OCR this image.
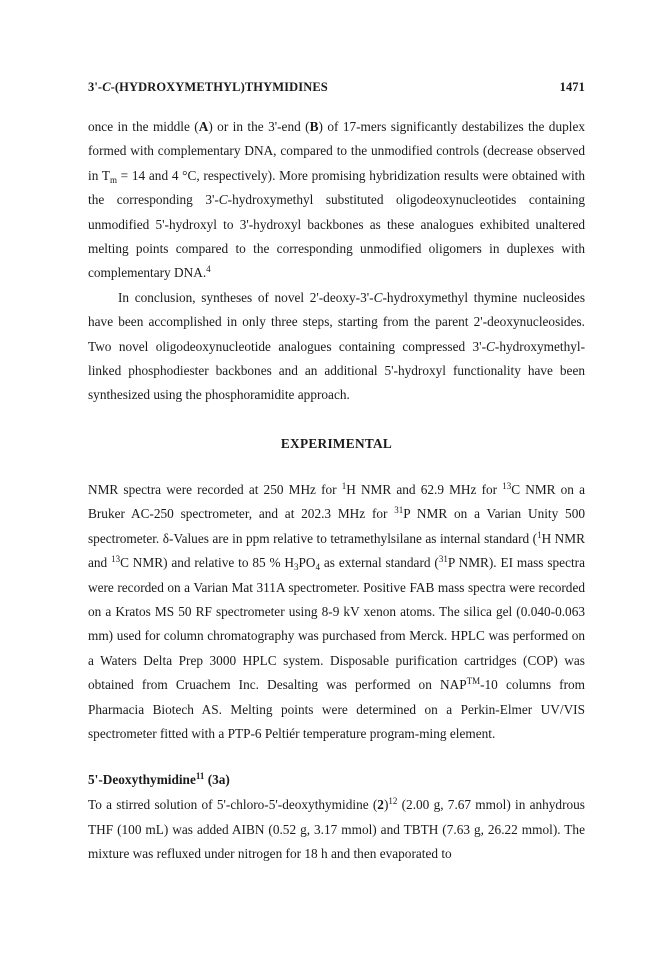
3'-C-(HYDROXYMETHYL)THYMIDINES	1471

once in the middle (A) or in the 3'-end (B) of 17-mers significantly destabilizes the duplex formed with complementary DNA, compared to the unmodified controls (decrease observed in $T_m = 14$ and 4 °C, respectively). More promising hybridization results were obtained with the corresponding 3'-C-hydroxymethyl substituted oligodeoxynucleotides containing unmodified 5'-hydroxyl to 3'-hydroxyl backbones as these analogues exhibited unaltered melting points compared to the corresponding unmodified oligomers in duplexes with complementary DNA.$^4$

In conclusion, syntheses of novel 2'-deoxy-3'-C-hydroxymethyl thymine nucleosides have been accomplished in only three steps, starting from the parent 2'-deoxynucleosides. Two novel oligodeoxynucleotide analogues containing compressed 3'-C-hydroxymethyl-linked phosphodiester backbones and an additional 5'-hydroxyl functionality have been synthesized using the phosphoramidite approach.

EXPERIMENTAL

NMR spectra were recorded at 250 MHz for $^1$H NMR and 62.9 MHz for $^{13}$C NMR on a Bruker AC-250 spectrometer, and at 202.3 MHz for $^{31}$P NMR on a Varian Unity 500 spectrometer. δ-Values are in ppm relative to tetramethylsilane as internal standard ($^1$H NMR and $^{13}$C NMR) and relative to 85 % $H_3PO_4$ as external standard ($^{31}$P NMR). EI mass spectra were recorded on a Varian Mat 311A spectrometer. Positive FAB mass spectra were recorded on a Kratos MS 50 RF spectrometer using 8-9 kV xenon atoms. The silica gel (0.040-0.063 mm) used for column chromatography was purchased from Merck. HPLC was performed on a Waters Delta Prep 3000 HPLC system. Disposable purification cartridges (COP) was obtained from Cruachem Inc. Desalting was performed on NAP™-10 columns from Pharmacia Biotech AS. Melting points were determined on a Perkin-Elmer UV/VIS spectrometer fitted with a PTP-6 Peltiér temperature program-ming element.

5'-Deoxythymidine$^{11}$ (3a)

To a stirred solution of 5'-chloro-5'-deoxythymidine $(2)^{12}$ (2.00 g, 7.67 mmol) in anhydrous THF (100 mL) was added AIBN (0.52 g, 3.17 mmol) and TBTH (7.63 g, 26.22 mmol). The mixture was refluxed under nitrogen for 18 h and then evaporated to
